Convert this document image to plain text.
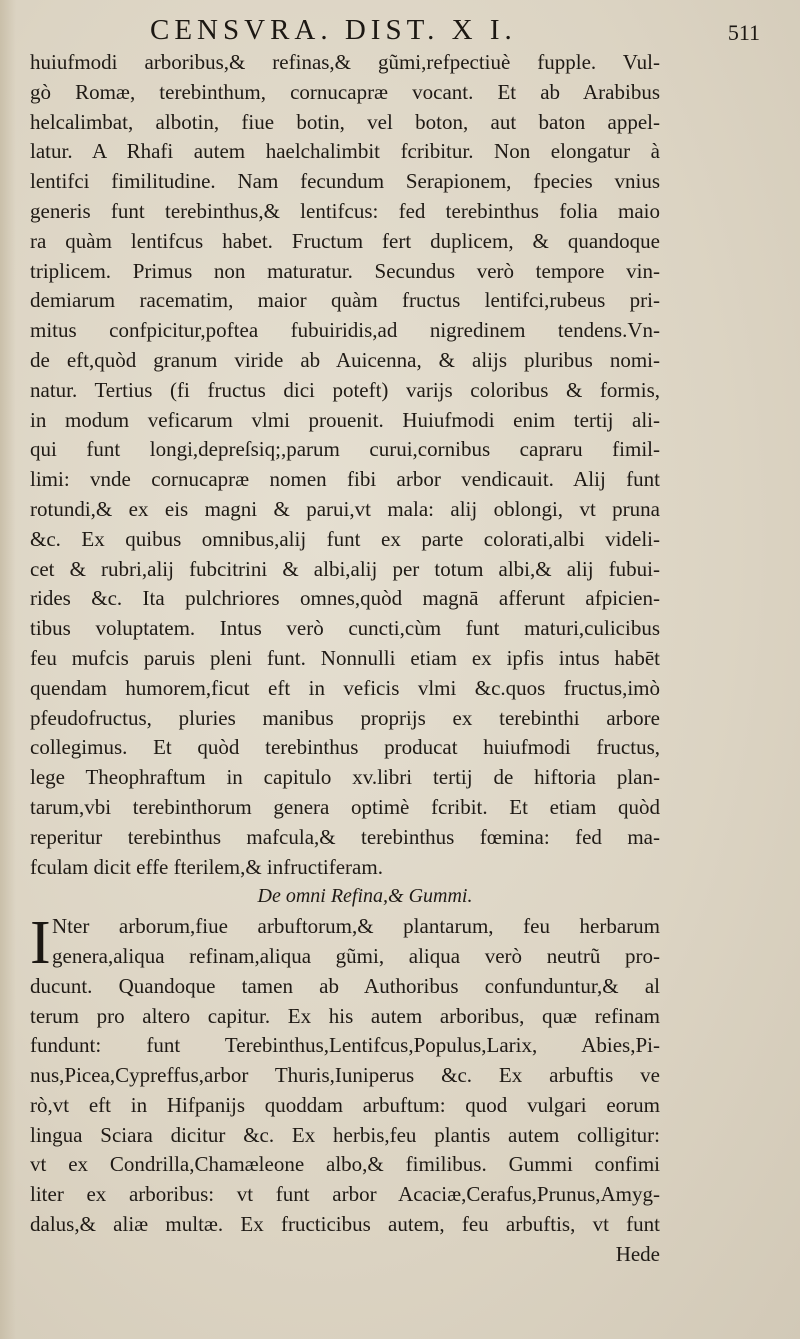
CENSVRA. DIST. X I.	511
huiufmodi arboribus,& refinas,& gũmi,refpectiuè fupple. Vul-
gò Romæ, terebinthum, cornucapræ vocant. Et ab Arabibus
helcalimbat, albotin, fiue botin, vel boton, aut baton appel-
latur. A Rhafi autem haelchalimbit fcribitur. Non elongatur à
lentifci fimilitudine. Nam fecundum Serapionem, fpecies vnius
generis funt terebinthus,& lentifcus: fed terebinthus folia maio
ra quàm lentifcus habet. Fructum fert duplicem, & quandoque
triplicem. Primus non maturatur. Secundus verò tempore vin-
demiarum racematim, maior quàm fructus lentifci,rubeus pri-
mitus confpicitur,poftea fubuiridis,ad nigredinem tendens.Vn-
de eft,quòd granum viride ab Auicenna, & alijs pluribus nomi-
natur. Tertius (fi fructus dici poteft) varijs coloribus & formis,
in modum veficarum vlmi prouenit. Huiufmodi enim tertij ali-
qui funt longi,depreſsiq;,parum curui,cornibus capraru fimil-
limi: vnde cornucapræ nomen fibi arbor vendicauit. Alij funt
rotundi,& ex eis magni & parui,vt mala: alij oblongi, vt pruna
&c. Ex quibus omnibus,alij funt ex parte colorati,albi videli-
cet & rubri,alij fubcitrini & albi,alij per totum albi,& alij fubui-
rides &c. Ita pulchriores omnes,quòd magnā afferunt afpicien-
tibus voluptatem. Intus verò cuncti,cùm funt maturi,culicibus
feu mufcis paruis pleni funt. Nonnulli etiam ex ipfis intus habēt
quendam humorem,ficut eft in veficis vlmi &c.quos fructus,imò
pfeudofructus, pluries manibus proprijs ex terebinthi arbore
collegimus. Et quòd terebinthus producat huiufmodi fructus,
lege Theophraftum in capitulo xv.libri tertij de hiftoria plan-
tarum,vbi terebinthorum genera optimè fcribit. Et etiam quòd
reperitur terebinthus mafcula,& terebinthus fœmina: fed ma-
fculam dicit effe fterilem,& infructiferam.
De omni Refina,& Gummi.
I Nter arborum,fiue arbuftorum,& plantarum, feu herbarum
genera,aliqua refinam,aliqua gũmi, aliqua verò neutrũ pro-
ducunt. Quandoque tamen ab Authoribus confunduntur,& al
terum pro altero capitur. Ex his autem arboribus, quæ refinam
fundunt: funt Terebinthus,Lentifcus,Populus,Larix, Abies,Pi-
nus,Picea,Cypreffus,arbor Thuris,Iuniperus &c. Ex arbuftis ve
rò,vt eft in Hifpanijs quoddam arbuftum: quod vulgari eorum
lingua Sciara dicitur &c. Ex herbis,feu plantis autem colligitur:
vt ex Condrilla,Chamæleone albo,& fimilibus. Gummi confimi
liter ex arboribus: vt funt arbor Acaciæ,Cerafus,Prunus,Amyg-
dalus,& aliæ multæ. Ex fructicibus autem, feu arbuftis, vt funt
Hede
